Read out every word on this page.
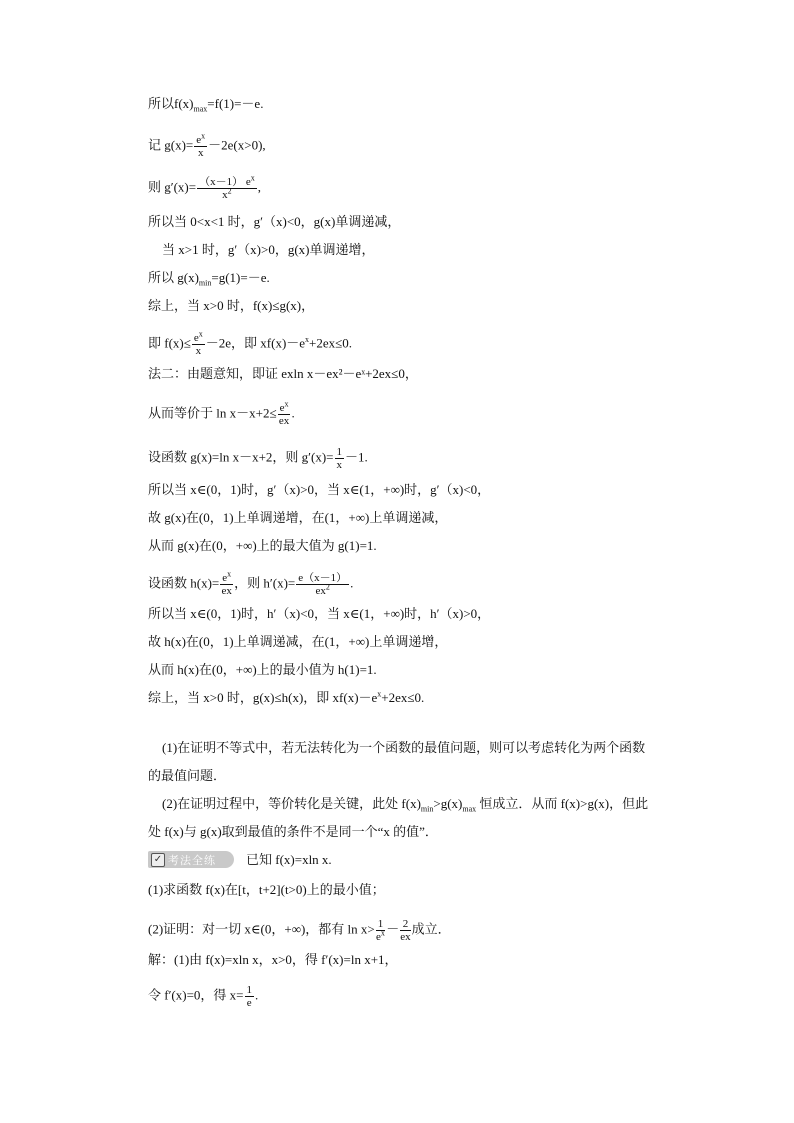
所以$f(x)_{max}=f(1)=-e$.
记 $g(x)= \frac{e^x}{x} -2e(x>0)$,
则 $g'(x)= \frac{(x-1) e^x}{x^2}$ ,
所以当 0<x<1 时，g′（x)<0，g(x)单调递减，
当 x>1 时，g′（x)>0，g(x)单调递增，
所以 $g(x)_{min}=g(1)=-e$.
综上，当 x>0 时，f(x)≤g(x)，
即 $f(x)\le \frac{e^x}{x} -2e$，即 $xf(x)-e^x+2ex\le 0$.
法二：由题意知，即证 exln x－ex²－eˣ+2ex≤0，
从而等价于 $\ln x-x+2\le \frac{e^x}{ex}$ .
设函数 g(x)=ln x－x+2，则 $g'(x)= \frac{1}{x} -1$.
所以当 x∈(0，1)时，g′（x)>0，当 x∈(1，+∞)时，g′（x)<0，
故 g(x)在(0，1)上单调递增，在(1，+∞)上单调递减，
从而 g(x)在(0，+∞)上的最大值为 g(1)=1.
设函数 $h(x)= \frac{e^x}{ex}$ ，则 $h'(x)= \frac{e(x-1)}{ex^2}$ .
所以当 x∈(0，1)时，h′（x)<0，当 x∈(1，+∞)时，h′（x)>0，
故 h(x)在(0，1)上单调递减，在(1，+∞)上单调递增，
从而 h(x)在(0，+∞)上的最小值为 h(1)=1.
综上，当 x>0 时，g(x)≤h(x)，即 $xf(x)-e^x+2ex\le 0$.
(1)在证明不等式中，若无法转化为一个函数的最值问题，则可以考虑转化为两个函数
的最值问题．
(2)在证明过程中，等价转化是关键，此处 $f(x)_{min}>g(x)_{max}$ 恒成立．从而 f(x)>g(x)，但此
处 f(x)与 g(x)取到最值的条件不是同一个“x 的值”．
✓ 考法全练 已知 f(x)=xln x.
(1)求函数 f(x)在[t，t+2](t>0)上的最小值；
(2)证明：对一切 x∈(0，+∞)，都有 $\ln x> \frac{1}{e^x} - \frac{2}{ex}$ 成立．
解：(1)由 f(x)=xln x，x>0，得 f′(x)=ln x+1，
令 f′(x)=0，得 $x= \frac{1}{e}$ .
